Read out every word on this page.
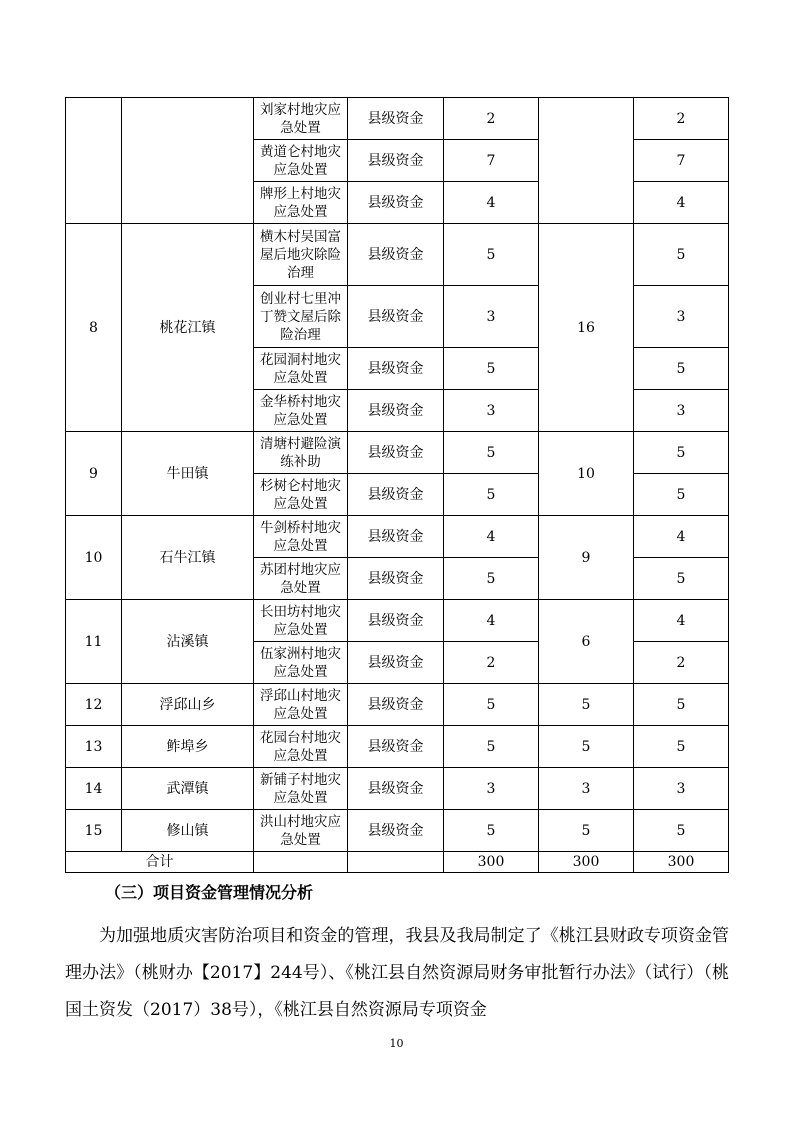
		刘家村地灾应急处置	县级资金	2		2
		黄道仑村地灾应急处置	县级资金	7		7
		牌形上村地灾应急处置	县级资金	4		4
8	桃花江镇	横木村吴国富屋后地灾除险治理	县级资金	5	16	5
		创业村七里冲丁赞文屋后除险治理	县级资金	3		3
		花园洞村地灾应急处置	县级资金	5		5
		金华桥村地灾应急处置	县级资金	3		3
9	牛田镇	清塘村避险演练补助	县级资金	5	10	5
		杉树仑村地灾应急处置	县级资金	5		5
10	石牛江镇	牛剑桥村地灾应急处置	县级资金	4	9	4
		苏团村地灾应急处置	县级资金	5		5
11	沾溪镇	长田坊村地灾应急处置	县级资金	4	6	4
		伍家洲村地灾应急处置	县级资金	2		2
12	浮邱山乡	浮邱山村地灾应急处置	县级资金	5	5	5
13	鲊埠乡	花园台村地灾应急处置	县级资金	5	5	5
14	武潭镇	新铺子村地灾应急处置	县级资金	3	3	3
15	修山镇	洪山村地灾应急处置	县级资金	5	5	5
合计				300	300	300

（三）项目资金管理情况分析

为加强地质灾害防治项目和资金的管理，我县及我局制定了《桃江县财政专项资金管理办法》（桃财办【2017】244号）、《桃江县自然资源局财务审批暂行办法》（试行）（桃国土资发（2017）38号），《桃江县自然资源局专项资金

10
